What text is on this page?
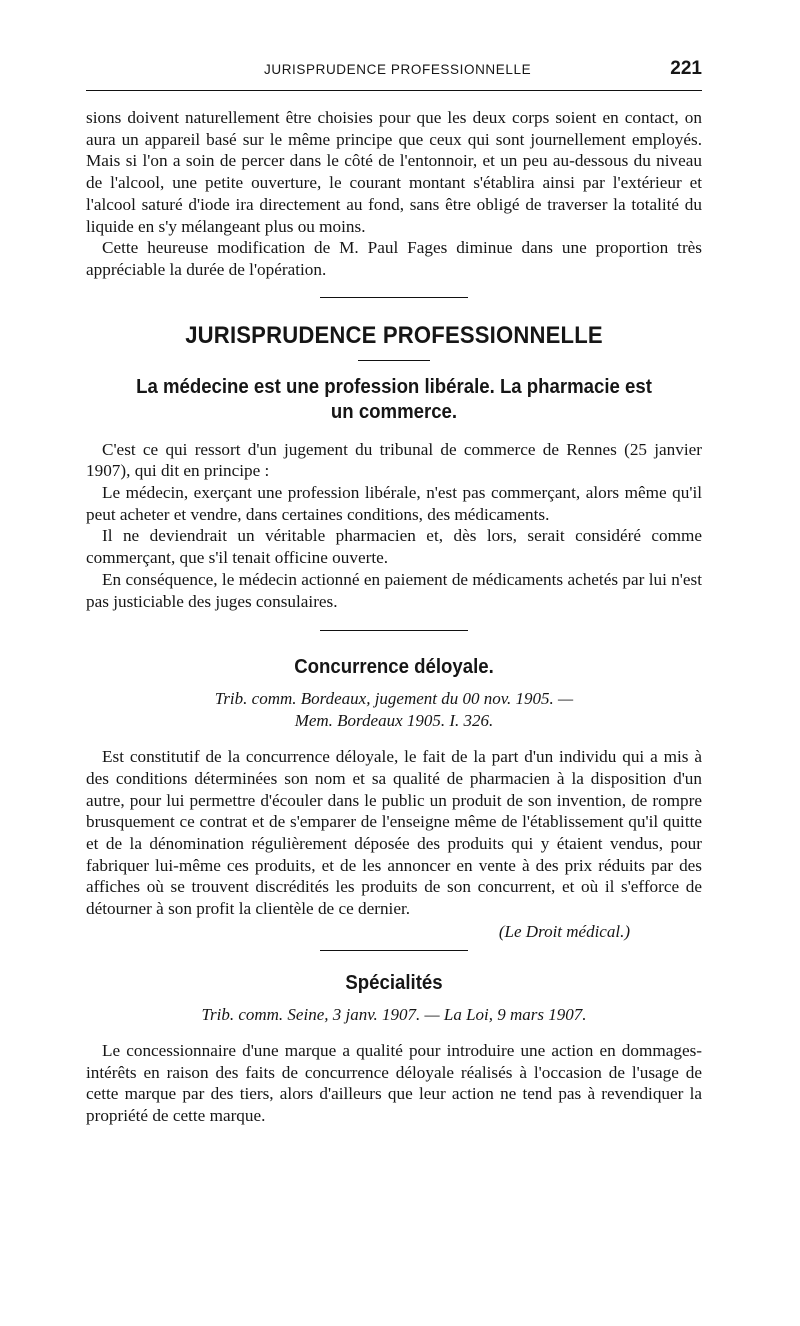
JURISPRUDENCE PROFESSIONNELLE	221

sions doivent naturellement être choisies pour que les deux corps soient en contact, on aura un appareil basé sur le même principe que ceux qui sont journellement employés. Mais si l'on a soin de percer dans le côté de l'entonnoir, et un peu au-dessous du niveau de l'alcool, une petite ouverture, le courant montant s'établira ainsi par l'extérieur et l'alcool saturé d'iode ira directement au fond, sans être obligé de traverser la totalité du liquide en s'y mélangeant plus ou moins.

Cette heureuse modification de M. Paul Fages diminue dans une proportion très appréciable la durée de l'opération.

JURISPRUDENCE PROFESSIONNELLE
La médecine est une profession libérale. La pharmacie est un commerce.

C'est ce qui ressort d'un jugement du tribunal de commerce de Rennes (25 janvier 1907), qui dit en principe :

Le médecin, exerçant une profession libérale, n'est pas commerçant, alors même qu'il peut acheter et vendre, dans certaines conditions, des médicaments.

Il ne deviendrait un véritable pharmacien et, dès lors, serait considéré comme commerçant, que s'il tenait officine ouverte.

En conséquence, le médecin actionné en paiement de médicaments achetés par lui n'est pas justiciable des juges consulaires.

Concurrence déloyale.
Trib. comm. Bordeaux, jugement du 00 nov. 1905. —
Mem. Bordeaux 1905. I. 326.

Est constitutif de la concurrence déloyale, le fait de la part d'un individu qui a mis à des conditions déterminées son nom et sa qualité de pharmacien à la disposition d'un autre, pour lui permettre d'écouler dans le public un produit de son invention, de rompre brusquement ce contrat et de s'emparer de l'enseigne même de l'établissement qu'il quitte et de la dénomination régulièrement déposée des produits qui y étaient vendus, pour fabriquer lui-même ces produits, et de les annoncer en vente à des prix réduits par des affiches où se trouvent discrédités les produits de son concurrent, et où il s'efforce de détourner à son profit la clientèle de ce dernier.

(Le Droit médical.)
Spécialités
Trib. comm. Seine, 3 janv. 1907. — La Loi, 9 mars 1907.

Le concessionnaire d'une marque a qualité pour introduire une action en dommages-intérêts en raison des faits de concurrence déloyale réalisés à l'occasion de l'usage de cette marque par des tiers, alors d'ailleurs que leur action ne tend pas à revendiquer la propriété de cette marque.
